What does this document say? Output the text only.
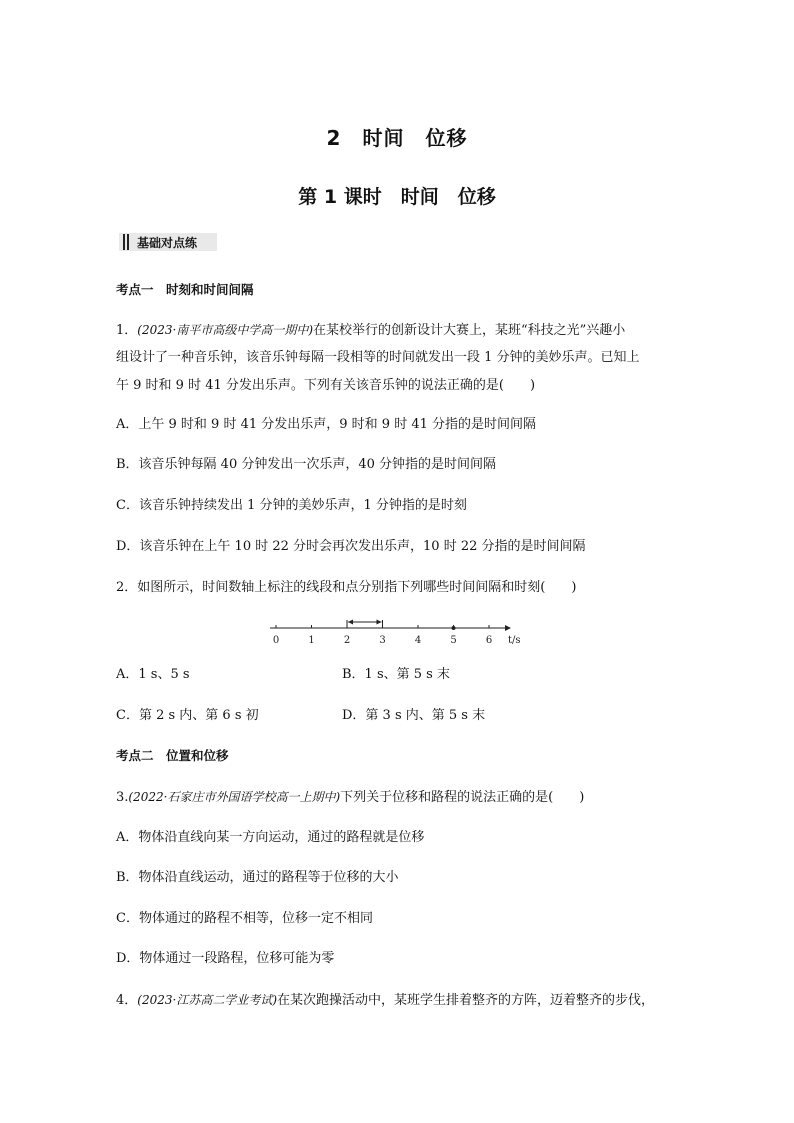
2　时间　位移
第 1 课时　时间　位移
基础对点练
考点一　时刻和时间间隔
1．(2023·南平市高级中学高一期中)在某校举行的创新设计大赛上，某班“科技之光”兴趣小
组设计了一种音乐钟，该音乐钟每隔一段相等的时间就发出一段 1 分钟的美妙乐声。已知上
午 9 时和 9 时 41 分发出乐声。下列有关该音乐钟的说法正确的是(　　)
A．上午 9 时和 9 时 41 分发出乐声，9 时和 9 时 41 分指的是时间间隔
B．该音乐钟每隔 40 分钟发出一次乐声，40 分钟指的是时间间隔
C．该音乐钟持续发出 1 分钟的美妙乐声，1 分钟指的是时刻
D．该音乐钟在上午 10 时 22 分时会再次发出乐声，10 时 22 分指的是时间间隔
2．如图所示，时间数轴上标注的线段和点分别指下列哪些时间间隔和时刻(　　)
0	1	2	3	4	5	6 t/s
A．1 s、5 s	B．1 s、第 5 s 末
C．第 2 s 内、第 6 s 初	D．第 3 s 内、第 5 s 末
考点二　位置和位移
3.(2022·石家庄市外国语学校高一上期中)下列关于位移和路程的说法正确的是(　　)
A．物体沿直线向某一方向运动，通过的路程就是位移
B．物体沿直线运动，通过的路程等于位移的大小
C．物体通过的路程不相等，位移一定不相同
D．物体通过一段路程，位移可能为零
4．(2023·江苏高二学业考试)在某次跑操活动中，某班学生排着整齐的方阵，迈着整齐的步伐，
